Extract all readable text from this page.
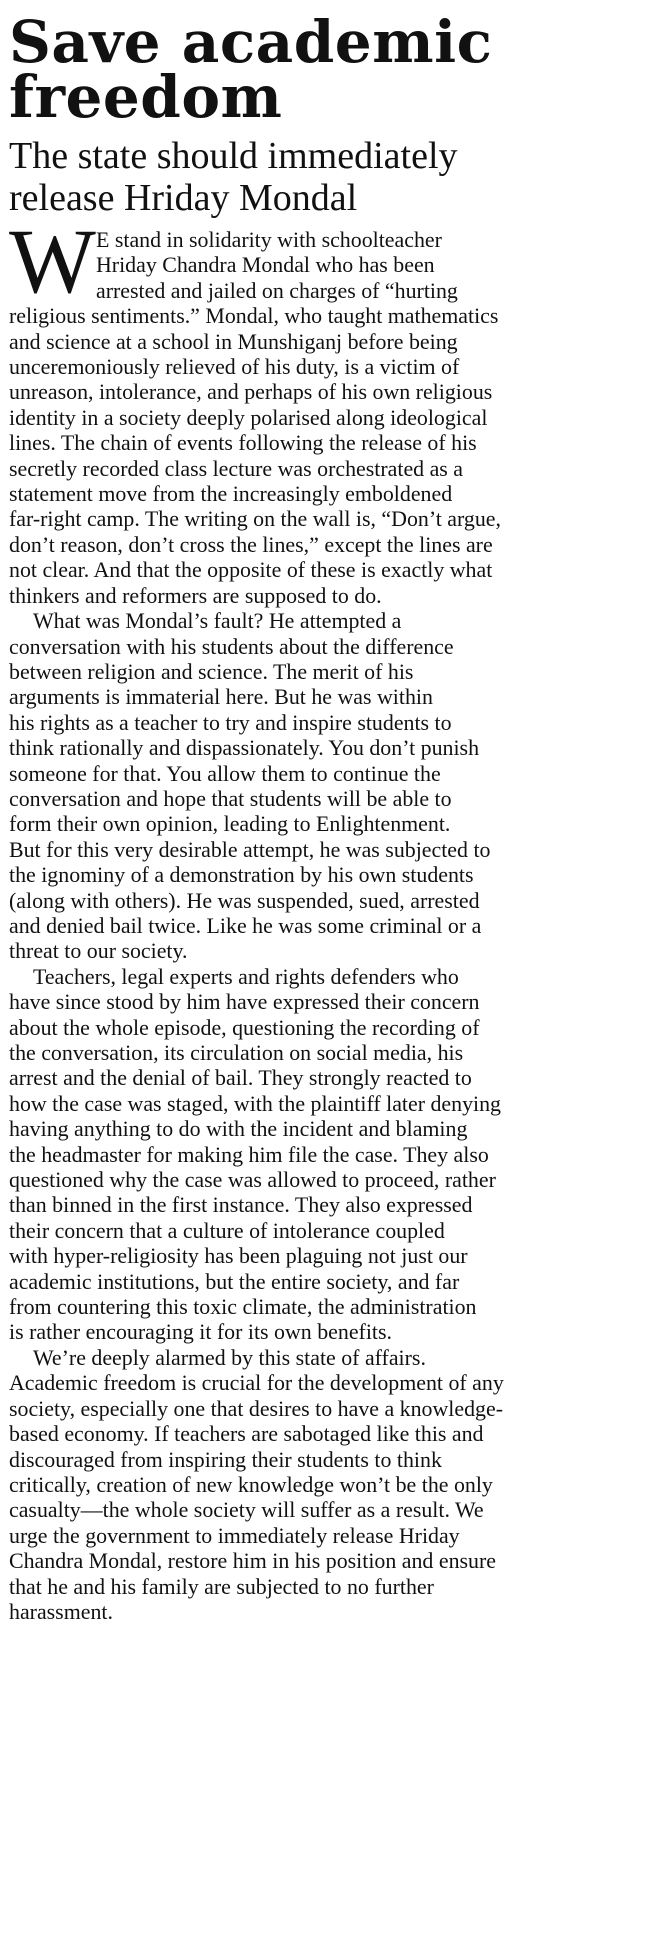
Save academic
freedom
The state should immediately
release Hriday Mondal
W E stand in solidarity with schoolteacher
Hriday Chandra Mondal who has been
arrested and jailed on charges of “hurting
religious sentiments.” Mondal, who taught mathematics
and science at a school in Munshiganj before being
unceremoniously relieved of his duty, is a victim of
unreason, intolerance, and perhaps of his own religious
identity in a society deeply polarised along ideological
lines. The chain of events following the release of his
secretly recorded class lecture was orchestrated as a
statement move from the increasingly emboldened
far-right camp. The writing on the wall is, “Don’t argue,
don’t reason, don’t cross the lines,” except the lines are
not clear. And that the opposite of these is exactly what
thinkers and reformers are supposed to do.
What was Mondal’s fault? He attempted a
conversation with his students about the difference
between religion and science. The merit of his
arguments is immaterial here. But he was within
his rights as a teacher to try and inspire students to
think rationally and dispassionately. You don’t punish
someone for that. You allow them to continue the
conversation and hope that students will be able to
form their own opinion, leading to Enlightenment.
But for this very desirable attempt, he was subjected to
the ignominy of a demonstration by his own students
(along with others). He was suspended, sued, arrested
and denied bail twice. Like he was some criminal or a
threat to our society.
Teachers, legal experts and rights defenders who
have since stood by him have expressed their concern
about the whole episode, questioning the recording of
the conversation, its circulation on social media, his
arrest and the denial of bail. They strongly reacted to
how the case was staged, with the plaintiff later denying
having anything to do with the incident and blaming
the headmaster for making him file the case. They also
questioned why the case was allowed to proceed, rather
than binned in the first instance. They also expressed
their concern that a culture of intolerance coupled
with hyper-religiosity has been plaguing not just our
academic institutions, but the entire society, and far
from countering this toxic climate, the administration
is rather encouraging it for its own benefits.
We’re deeply alarmed by this state of affairs.
Academic freedom is crucial for the development of any
society, especially one that desires to have a knowledge-
based economy. If teachers are sabotaged like this and
discouraged from inspiring their students to think
critically, creation of new knowledge won’t be the only
casualty—the whole society will suffer as a result. We
urge the government to immediately release Hriday
Chandra Mondal, restore him in his position and ensure
that he and his family are subjected to no further
harassment.
